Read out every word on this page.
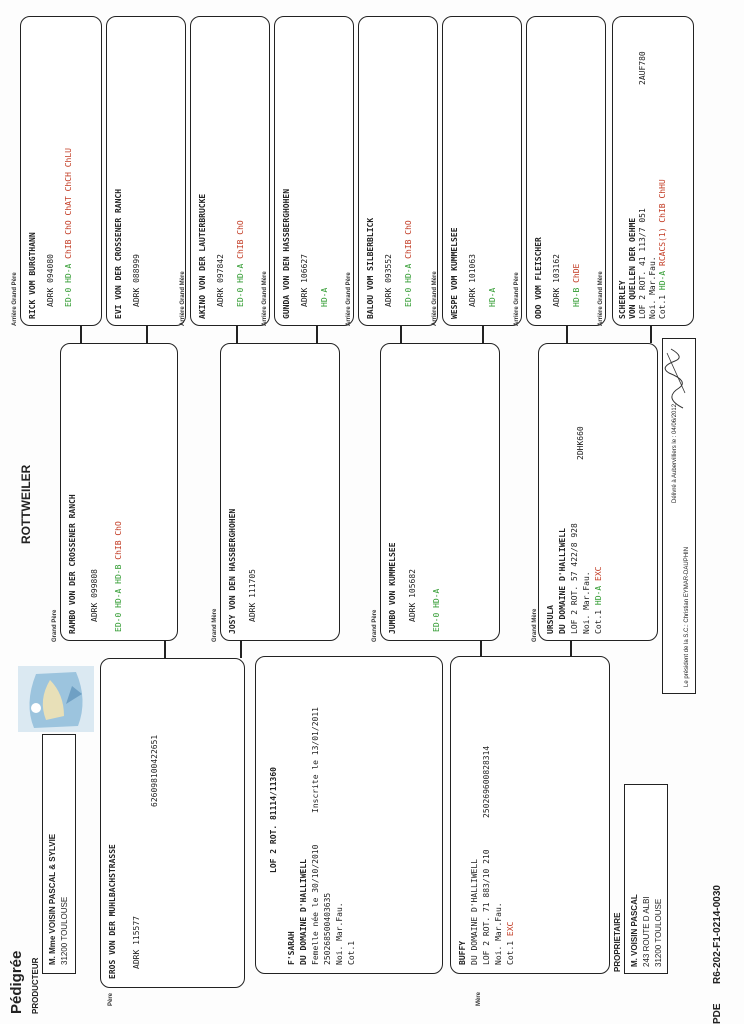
Pédigrée PRODUCTEUR
M. Mme VOISIN PASCAL & SYLVIE 31200 TOULOUSE
ROTTWEILER
Père	Mère
EROS VON DER MUHLBACHSTRASSE ADRK 115577
626098100422651	LOF 2 ROT. 81114/11360
F'SARAH DU DOMAINE D'HALLIWELL Femelle née le 30/10/2010
Inscrite le 13/01/2011
250268500403635 Noi. Mar.Fau. Cot.1	BUFFY DU DOMAINE D'HALLIWELL LOF 2 ROT. 71 883/10 210 Noi. Mar.Fau. Cot.1 EXC
250269600828314
PROPRIETAIRE M. VOISIN PASCAL 243 ROUTE D ALBI 31200 TOULOUSE	R6-202-F1-0214-0030
PDE
Grand Père RAMBO VON DER CROSSENER RANCH ADRK 099808 ED-0 HD-A HD-B ChIB ChO
Grand Mère JOSY VON DEN HASSBERGHOHEN ADRK 111705
Grand Père JUMBO VON KUMMELSEE ADRK 105682 ED-0 HD-A	Grand Mère URSULA DU DOMAINE D'HALLIWELL LOF 2 ROT. 57 422/8 928 Noi. Mar.Fau. Cot.1 HD-A EXC
2DHK660
Le président de la S.C.: Christian EYMAR-DAUPHIN
Délivré à Aubervilliers le : 04/06/2012
Arrière Grand Père RICK VOM BURGTHANN ADRK 094080 ED-0 HD-A ChIB ChO ChAT ChCH ChLU	EVI VON DER CROSSENER RANCH ADRK 088999	Arrière Grand Mère AKINO VON DER LAUTERBRUCKE ADRK 097842 ED-0 HD-A ChIB ChO
Arrière Grand Mère GUNDA VON DEN HASSBERGHOHEN ADRK 106627 HD-A	Arrière Grand Père BALOU VOM SILBERBLICK ADRK 093552 ED-0 HD-A ChIB ChO
Arrière Grand Mère WESPE VOM KUMMELSEE ADRK 101063 HD-A	Arrière Grand Père ODO VOM FLEISCHER ADRK 103162 HD-B ChDE	Arrière Grand Mère SCHERLEY VON QUELLEN DER OEHME LOF 2 ROT. 41 113/7 051 Noi. Mar.Fau. Cot.1 HD-A RCACS(1) ChIB ChHU
2AUF780
